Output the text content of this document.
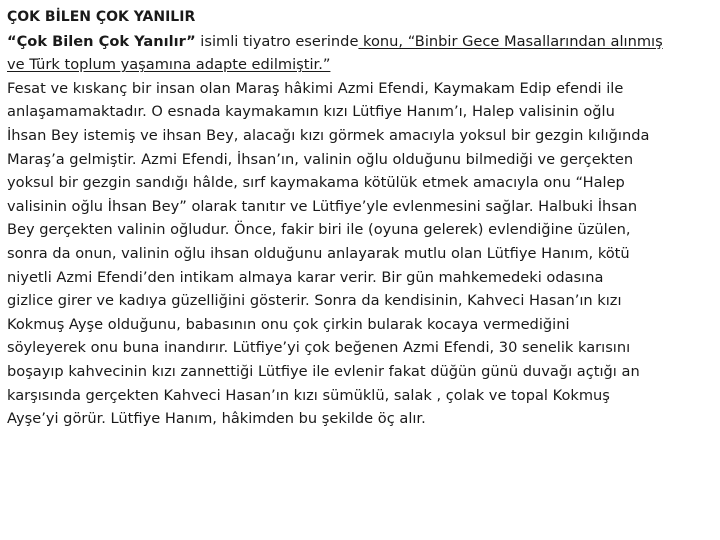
ÇOK BİLEN ÇOK YANILIR
“Çok Bilen Çok Yanılır” isimli tiyatro eserinde konu, “Binbir Gece Masallarından alınmış
ve Türk toplum yaşamına adapte edilmiştir.”
Fesat ve kıskanç bir insan olan Maraş hâkimi Azmi Efendi, Kaymakam Edip efendi ile
anlaşamamaktadır. O esnada kaymakamın kızı Lütfiye Hanım’ı, Halep valisinin oğlu
İhsan Bey istemiş ve ihsan Bey, alacağı kızı görmek amacıyla yoksul bir gezgin kılığında
Maraş’a gelmiştir. Azmi Efendi, İhsan’ın, valinin oğlu olduğunu bilmediği ve gerçekten
yoksul bir gezgin sandığı hâlde, sırf kaymakama kötülük etmek amacıyla onu “Halep
valisinin oğlu İhsan Bey” olarak tanıtır ve Lütfiye’yle evlenmesini sağlar. Halbuki İhsan
Bey gerçekten valinin oğludur. Önce, fakir biri ile (oyuna gelerek) evlendiğine üzülen,
sonra da onun, valinin oğlu ihsan olduğunu anlayarak mutlu olan Lütfiye Hanım, kötü
niyetli Azmi Efendi’den intikam almaya karar verir. Bir gün mahkemedeki odasına
gizlice girer ve kadıya güzelliğini gösterir. Sonra da kendisinin, Kahveci Hasan’ın kızı
Kokmuş Ayşe olduğunu, babasının onu çok çirkin bularak kocaya vermediğini
söyleyerek onu buna inandırır. Lütfiye’yi çok beğenen Azmi Efendi, 30 senelik karısını
boşayıp kahvecinin kızı zannettiği Lütfiye ile evlenir fakat düğün günü duvağı açtığı an
karşısında gerçekten Kahveci Hasan’ın kızı sümüklü, salak , çolak ve topal Kokmuş
Ayşe’yi görür. Lütfiye Hanım, hâkimden bu şekilde öç alır.
